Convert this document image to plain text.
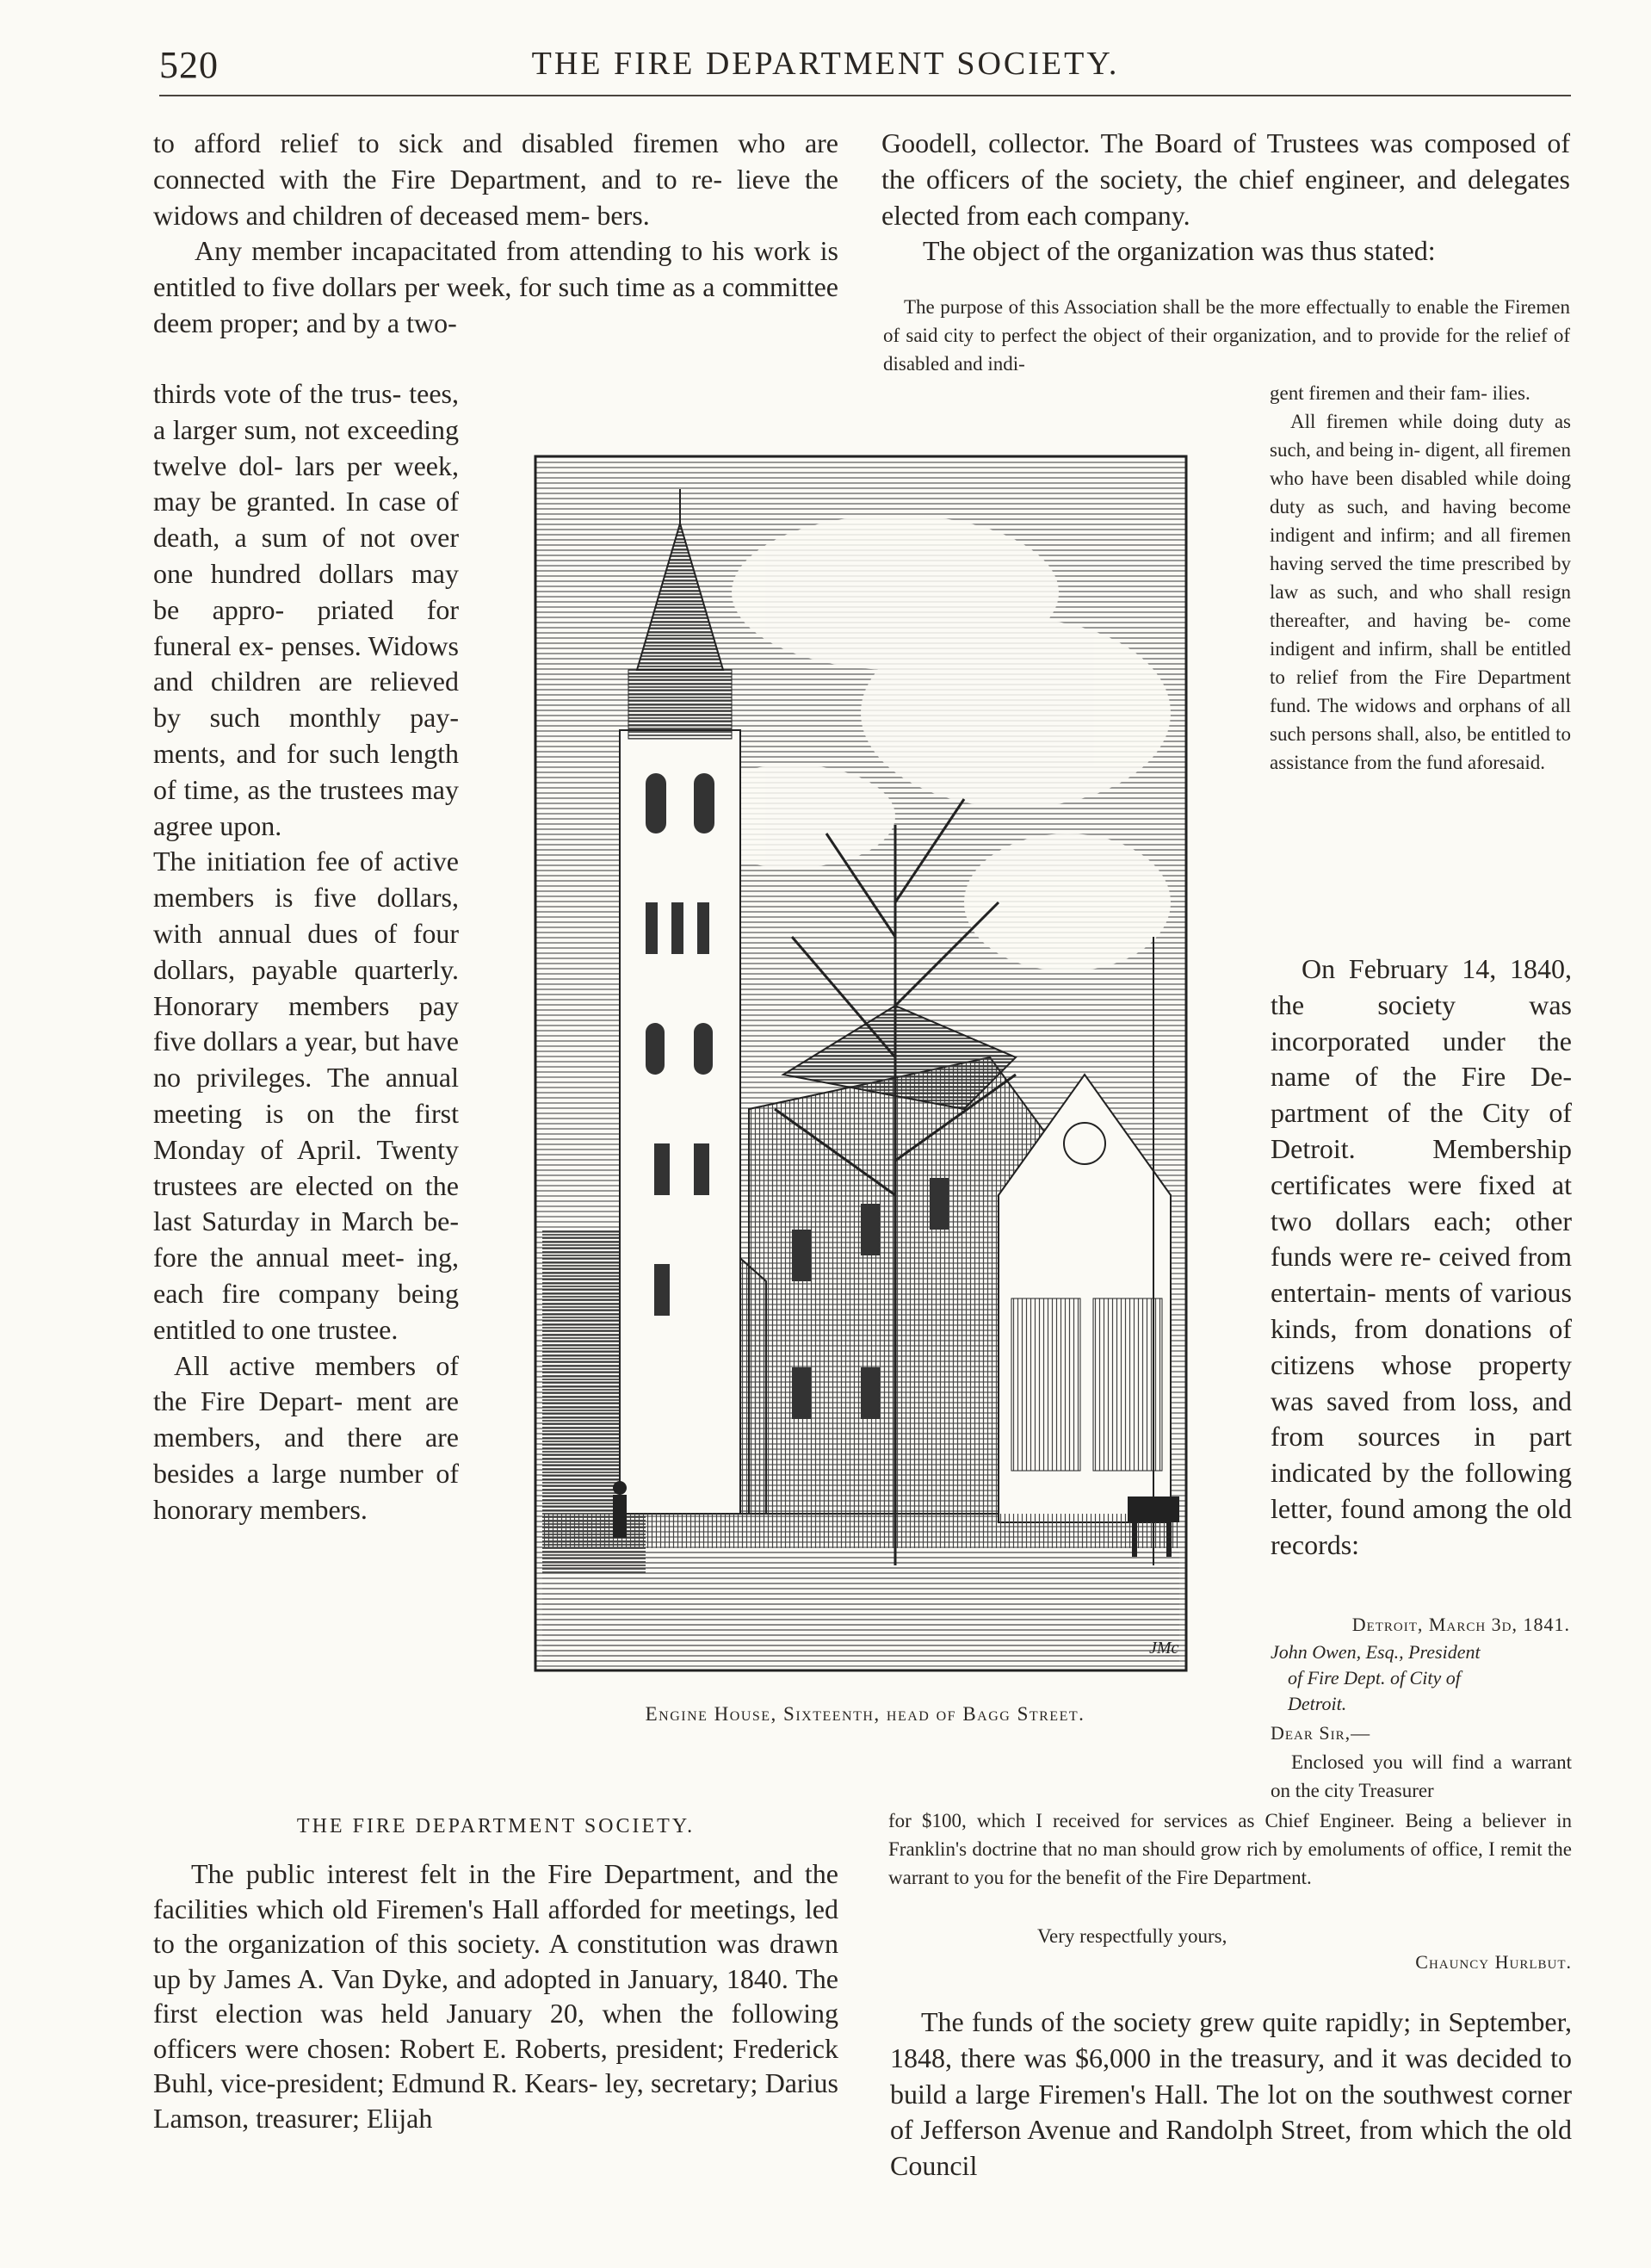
520	THE FIRE DEPARTMENT SOCIETY.

to afford relief to sick and disabled firemen who are connected with the Fire Department, and to re- lieve the widows and children of deceased mem- bers.

Any member incapacitated from attending to his work is entitled to five dollars per week, for such time as a committee deem proper; and by a two-

thirds vote of the trus- tees, a larger sum, not exceeding twelve dol- lars per week, may be granted. In case of death, a sum of not over one hundred dollars may be appro- priated for funeral ex- penses. Widows and children are relieved by such monthly pay- ments, and for such length of time, as the trustees may agree upon.

The initiation fee of active members is five dollars, with annual dues of four dollars, payable quarterly. Honorary members pay five dollars a year, but have no privileges. The annual meeting is on the first Monday of April. Twenty trustees are elected on the last Saturday in March be- fore the annual meet- ing, each fire company being entitled to one trustee.

All active members of the Fire Depart- ment are members, and there are besides a large number of honorary members.

Goodell, collector. The Board of Trustees was composed of the officers of the society, the chief engineer, and delegates elected from each company.

The object of the organization was thus stated:

The purpose of this Association shall be the more effectually to enable the Firemen of said city to perfect the object of their organization, and to provide for the relief of disabled and indi-

gent firemen and their fam- ilies.

All firemen while doing duty as such, and being in- digent, all firemen who have been disabled while doing duty as such, and having become indigent and infirm; and all firemen having served the time prescribed by law as such, and who shall resign thereafter, and having be- come indigent and infirm, shall be entitled to relief from the Fire Department fund. The widows and orphans of all such persons shall, also, be entitled to assistance from the fund aforesaid.

On February 14, 1840, the society was incorporated under the name of the Fire De- partment of the City of Detroit. Membership certificates were fixed at two dollars each; other funds were re- ceived from entertain- ments of various kinds, from donations of citizens whose property was saved from loss, and from sources in part indicated by the following letter, found among the old records:

Detroit, March 3d, 1841.
John Owen, Esq., President
of Fire Dept. of City of
Detroit.
Dear Sir,—

Enclosed you will find a warrant on the city Treasurer

for $100, which I received for services as Chief Engineer. Being a believer in Franklin's doctrine that no man should grow rich by emoluments of office, I remit the warrant to you for the benefit of the Fire Department.

Very respectfully yours,
Chauncy Hurlbut.
JMc
Engine House, Sixteenth, head of Bagg Street.
THE FIRE DEPARTMENT SOCIETY.

The public interest felt in the Fire Department, and the facilities which old Firemen's Hall afforded for meetings, led to the organization of this society. A constitution was drawn up by James A. Van Dyke, and adopted in January, 1840. The first election was held January 20, when the following officers were chosen: Robert E. Roberts, president; Frederick Buhl, vice-president; Edmund R. Kears- ley, secretary; Darius Lamson, treasurer; Elijah

The funds of the society grew quite rapidly; in September, 1848, there was $6,000 in the treasury, and it was decided to build a large Firemen's Hall. The lot on the southwest corner of Jefferson Avenue and Randolph Street, from which the old Council
